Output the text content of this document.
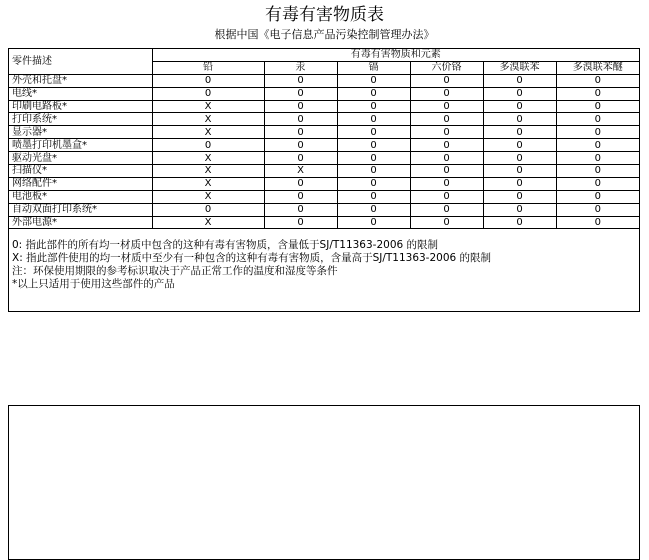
有毒有害物质表
根据中国《电子信息产品污染控制管理办法》
零件描述	有毒有害物质和元素					
	铅	汞	镉	六价铬	多溴联苯	多溴联苯醚
外壳和托盘*	0	0	0	0	0	0
电线*	0	0	0	0	0	0
印刷电路板*	X	0	0	0	0	0
打印系统*	X	0	0	0	0	0
显示器*	X	0	0	0	0	0
喷墨打印机墨盒*	0	0	0	0	0	0
驱动光盘*	X	0	0	0	0	0
扫描仪*	X	X	0	0	0	0
网络配件*	X	0	0	0	0	0
电池板*	X	0	0	0	0	0
自动双面打印系统*	0	0	0	0	0	0
外部电源*	X	0	0	0	0	0
0: 指此部件的所有均一材质中包含的这种有毒有害物质，含量低于SJ/T11363-2006 的限制
X: 指此部件使用的均一材质中至少有一种包含的这种有毒有害物质，含量高于SJ/T11363-2006 的限制
注：环保使用期限的参考标识取决于产品正常工作的温度和湿度等条件
*以上只适用于使用这些部件的产品
